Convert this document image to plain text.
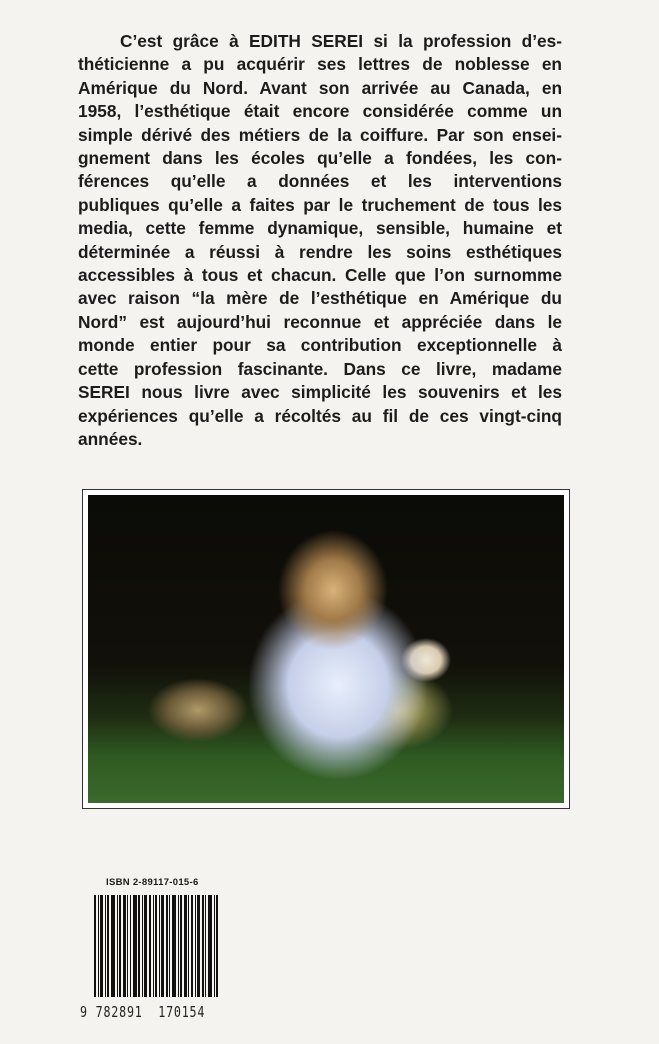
C’est grâce à EDITH SEREI si la profession d’es-
théticienne a pu acquérir ses lettres de noblesse en
Amérique du Nord. Avant son arrivée au Canada, en
1958, l’esthétique était encore considérée comme un
simple dérivé des métiers de la coiffure. Par son ensei-
gnement dans les écoles qu’elle a fondées, les con-
férences qu’elle a données et les interventions
publiques qu’elle a faites par le truchement de tous les
media, cette femme dynamique, sensible, humaine et
déterminée a réussi à rendre les soins esthétiques
accessibles à tous et chacun. Celle que l’on surnomme
avec raison “la mère de l’esthétique en Amérique du
Nord” est aujourd’hui reconnue et appréciée dans le
monde entier pour sa contribution exceptionnelle à
cette profession fascinante. Dans ce livre, madame
SEREI nous livre avec simplicité les souvenirs et les
expériences qu’elle a récoltés au fil de ces vingt-cinq
années.
ISBN 2-89117-015-6
9 782891  170154
